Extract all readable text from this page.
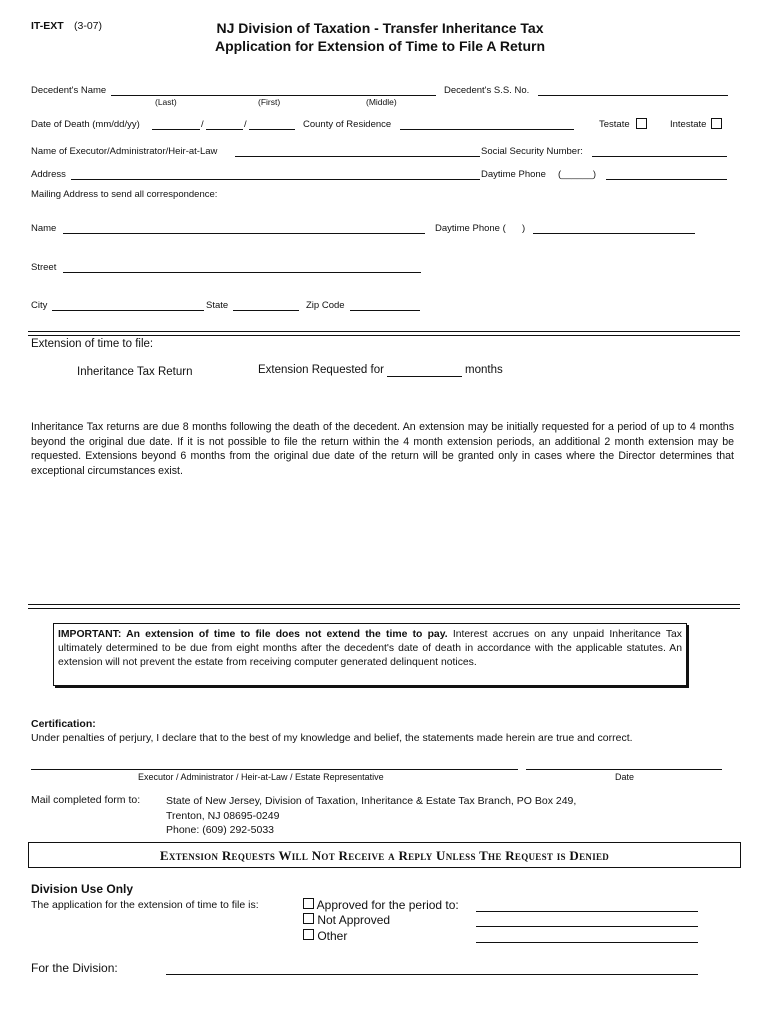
IT-EXT (3-07)	NJ Division of Taxation - Transfer Inheritance Tax
Application for Extension of Time to File A Return
Decedent's Name
(Last)	(First)	(Middle)
Decedent's S.S. No.
Date of Death (mm/dd/yy)	/	/	County of Residence	Testate	Intestate
Name of Executor/Administrator/Heir-at-Law	Social Security Number:
Address	Daytime Phone (______)
Mailing Address to send all correspondence:
Name	Daytime Phone ( )
Street
City	State	Zip Code
Extension of time to file:
Inheritance Tax Return	Extension Requested for	months
Inheritance Tax returns are due 8 months following the death of the decedent. An extension may be initially requested for a period of up to 4 months beyond the original due date. If it is not possible to file the return within the 4 month extension periods, an additional 2 month extension may be requested. Extensions beyond 6 months from the original due date of the return will be granted only in cases where the Director determines that exceptional circumstances exist.
IMPORTANT: An extension of time to file does not extend the time to pay. Interest accrues on any unpaid Inheritance Tax ultimately determined to be due from eight months after the decedent's date of death in accordance with the applicable statutes. An extension will not prevent the estate from receiving computer generated delinquent notices.
Certification:
Under penalties of perjury, I declare that to the best of my knowledge and belief, the statements made herein are true and correct.
Executor / Administrator / Heir-at-Law / Estate Representative	Date
Mail completed form to: State of New Jersey, Division of Taxation, Inheritance & Estate Tax Branch, PO Box 249,
Trenton, NJ 08695-0249
Phone: (609) 292-5033
Extension Requests Will Not Receive a Reply Unless The Request is Denied
Division Use Only
The application for the extension of time to file is:	Approved for the period to:
Not Approved
Other
For the Division:
